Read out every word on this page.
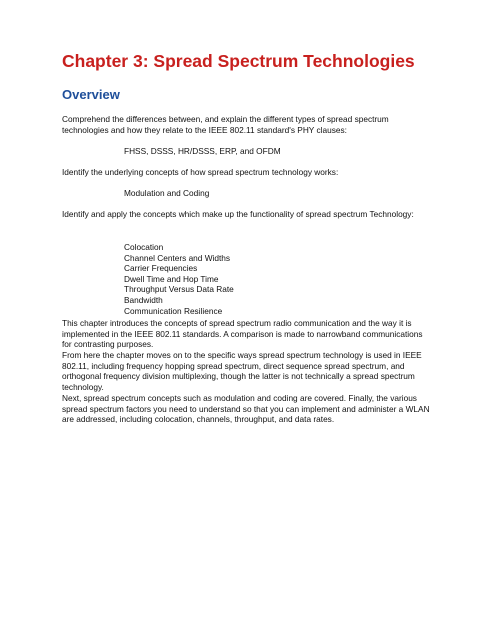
Chapter 3: Spread Spectrum Technologies
Overview

Comprehend the differences between, and explain the different types of spread spectrum technologies and how they relate to the IEEE 802.11 standard's PHY clauses:

FHSS, DSSS, HR/DSSS, ERP, and OFDM

Identify the underlying concepts of how spread spectrum technology works:

Modulation and Coding

Identify and apply the concepts which make up the functionality of spread spectrum Technology:

Colocation
Channel Centers and Widths
Carrier Frequencies
Dwell Time and Hop Time
Throughput Versus Data Rate
Bandwidth
Communication Resilience

This chapter introduces the concepts of spread spectrum radio communication and the way it is implemented in the IEEE 802.11 standards. A comparison is made to narrowband communications for contrasting purposes.

From here the chapter moves on to the specific ways spread spectrum technology is used in IEEE 802.11, including frequency hopping spread spectrum, direct sequence spread spectrum, and orthogonal frequency division multiplexing, though the latter is not technically a spread spectrum technology.

Next, spread spectrum concepts such as modulation and coding are covered. Finally, the various spread spectrum factors you need to understand so that you can implement and administer a WLAN are addressed, including colocation, channels, throughput, and data rates.
